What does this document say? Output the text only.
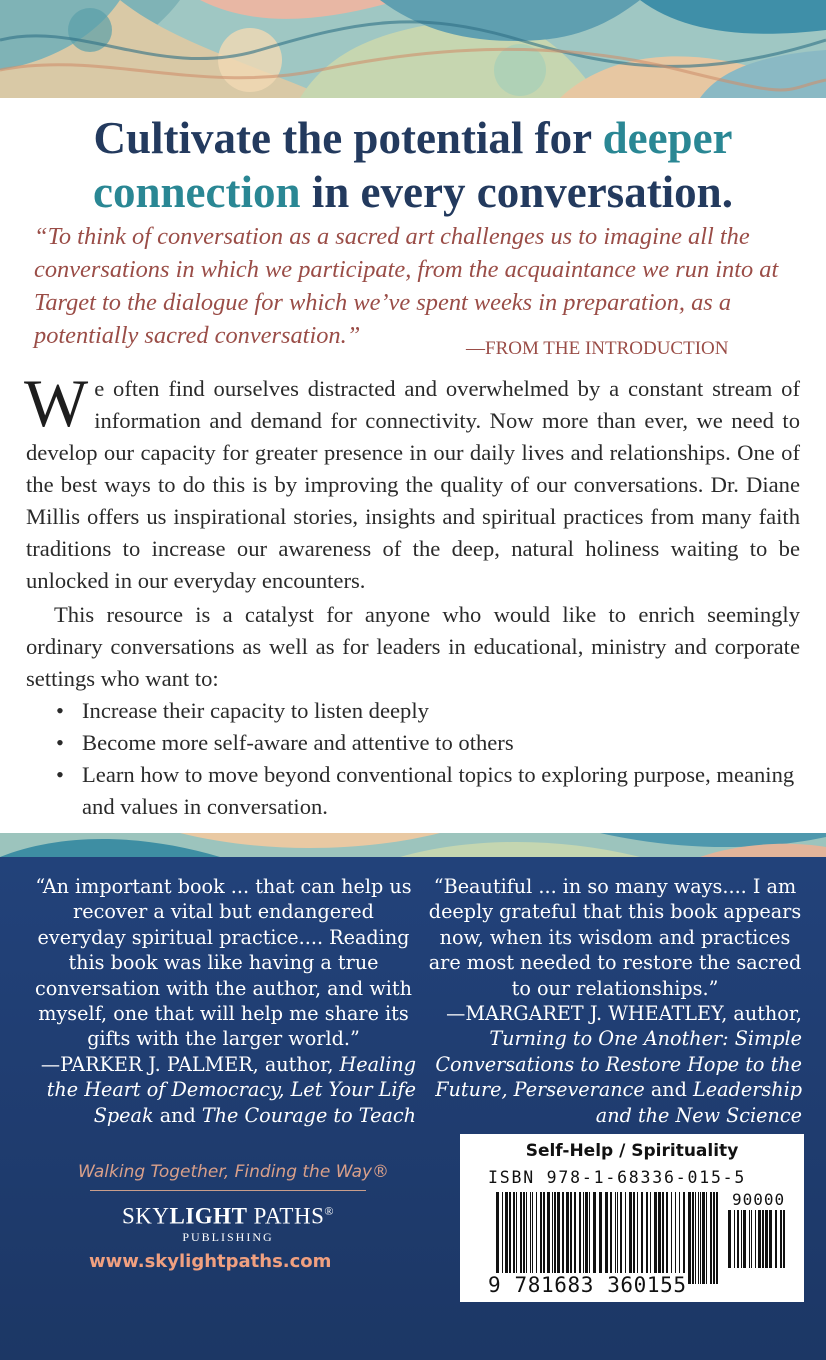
Cultivate the potential for deeper
connection in every conversation.
“To think of conversation as a sacred art challenges us to imagine all the conversations in which we participate, from the acquaintance we run into at Target to the dialogue for which we’ve spent weeks in preparation, as a potentially sacred conversation.”	—FROM THE INTRODUCTION

We often find ourselves distracted and overwhelmed by a constant stream of information and demand for connectivity. Now more than ever, we need to develop our capacity for greater presence in our daily lives and relationships. One of the best ways to do this is by improving the quality of our conversations. Dr. Diane Millis offers us inspirational stories, insights and spiritual practices from many faith traditions to increase our awareness of the deep, natural holiness waiting to be unlocked in our everyday encounters.

This resource is a catalyst for anyone who would like to enrich seemingly ordinary conversations as well as for leaders in educational, ministry and corporate settings who want to:

• Increase their capacity to listen deeply
• Become more self-aware and attentive to others
• Learn how to move beyond conventional topics to exploring purpose, meaning and values in conversation.
“An important book ... that can help us recover a vital but endangered everyday spiritual practice.... Reading this book was like having a true conversation with the author, and with myself, one that will help me share its gifts with the larger world.”
—PARKER J. PALMER, author, Healing the Heart of Democracy, Let Your Life Speak and The Courage to Teach
“Beautiful ... in so many ways.... I am deeply grateful that this book appears now, when its wisdom and practices are most needed to restore the sacred to our relationships.”
—MARGARET J. WHEATLEY, author, Turning to One Another: Simple Conversations to Restore Hope to the Future, Perseverance and Leadership and the New Science
Walking Together, Finding the Way®
SKYLIGHT PATHS®
PUBLISHING
www.skylightpaths.com
Self-Help / Spirituality
ISBN 978-1-68336-015-5
90000
9 781683 360155
